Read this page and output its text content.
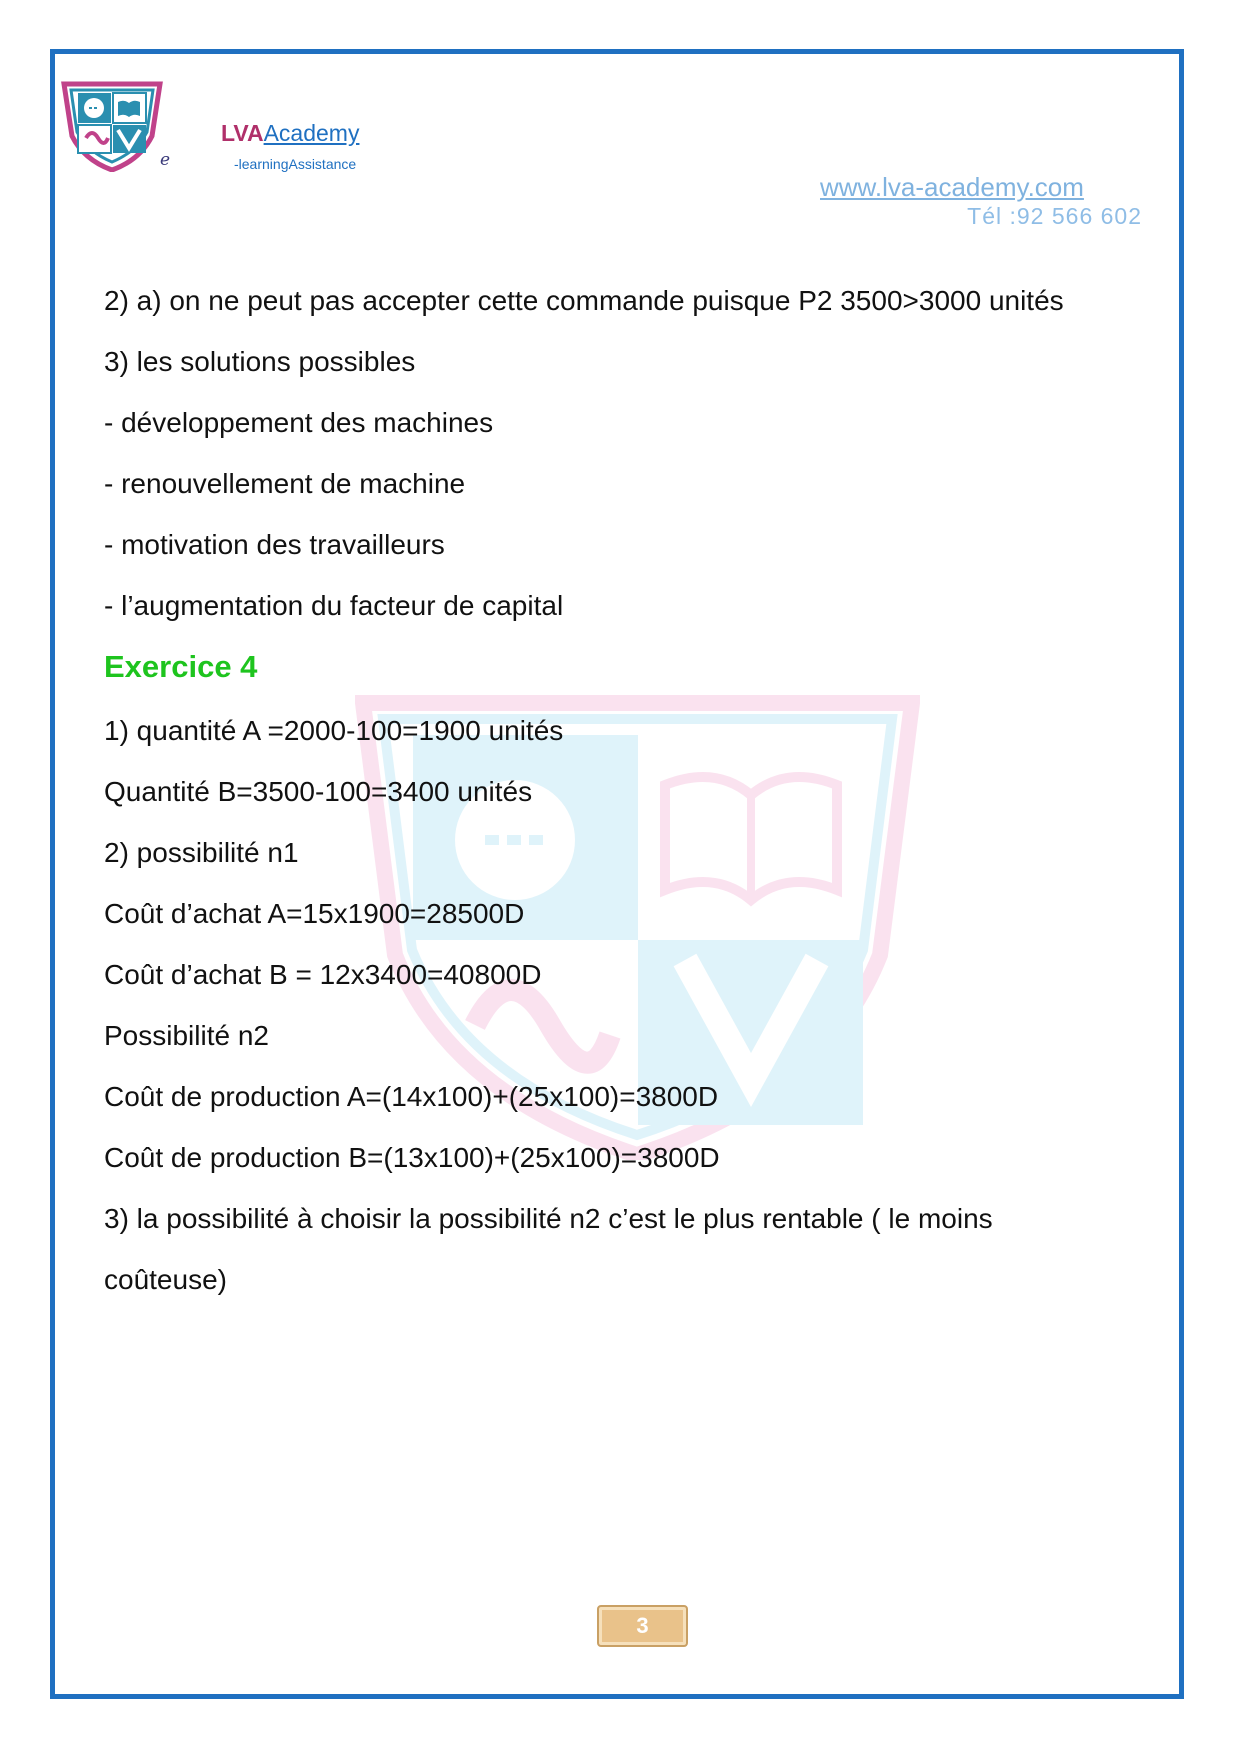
e
LVAAcademy
-learningAssistance
www.lva-academy.com
Tél :92 566 602
2) a) on ne peut pas accepter cette commande puisque P2 3500>3000 unités
3) les solutions possibles
- développement des machines
- renouvellement de machine
- motivation des travailleurs
- l’augmentation du facteur de capital
Exercice 4
1) quantité A =2000-100=1900 unités
Quantité B=3500-100=3400 unités
2) possibilité n1
Coût d’achat A=15x1900=28500D
Coût d’achat B = 12x3400=40800D
Possibilité n2
Coût de production A=(14x100)+(25x100)=3800D
Coût de production B=(13x100)+(25x100)=3800D
3) la possibilité à choisir la possibilité n2 c’est le plus rentable ( le moins
coûteuse)
3
